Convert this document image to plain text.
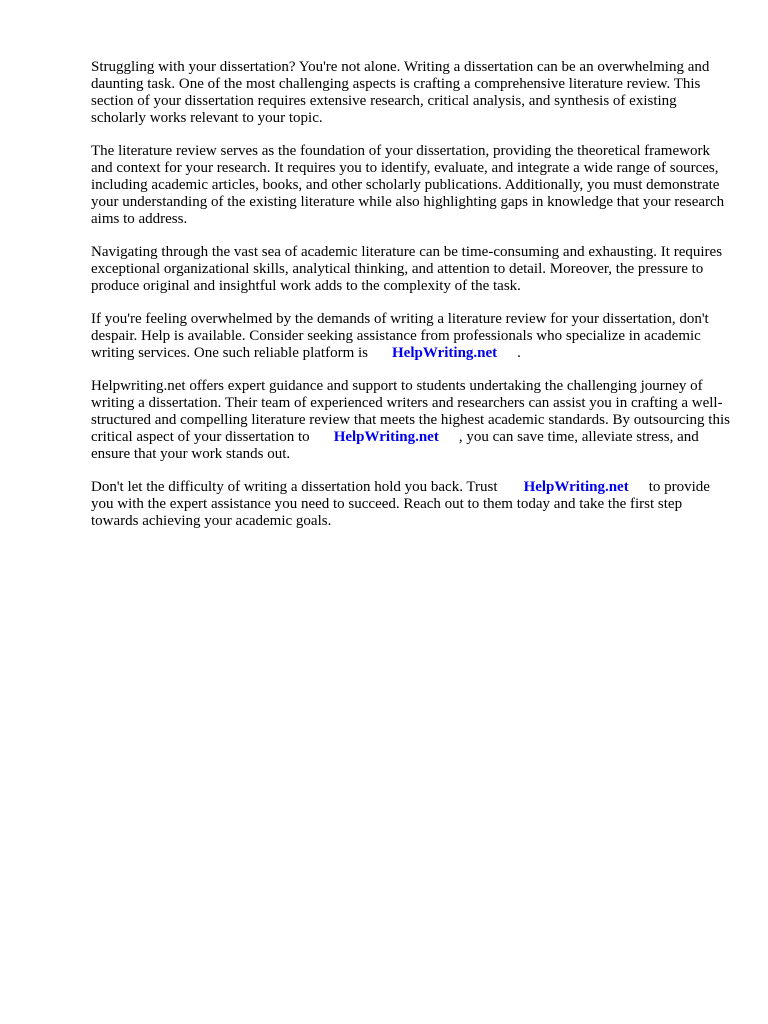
Struggling with your dissertation? You're not alone. Writing a dissertation can be an overwhelming and daunting task. One of the most challenging aspects is crafting a comprehensive literature review. This section of your dissertation requires extensive research, critical analysis, and synthesis of existing scholarly works relevant to your topic.

The literature review serves as the foundation of your dissertation, providing the theoretical framework and context for your research. It requires you to identify, evaluate, and integrate a wide range of sources, including academic articles, books, and other scholarly publications. Additionally, you must demonstrate your understanding of the existing literature while also highlighting gaps in knowledge that your research aims to address.

Navigating through the vast sea of academic literature can be time-consuming and exhausting. It requires exceptional organizational skills, analytical thinking, and attention to detail. Moreover, the pressure to produce original and insightful work adds to the complexity of the task.

If you're feeling overwhelmed by the demands of writing a literature review for your dissertation, don't despair. Help is available. Consider seeking assistance from professionals who specialize in academic writing services. One such reliable platform is HelpWriting.net .

Helpwriting.net offers expert guidance and support to students undertaking the challenging journey of writing a dissertation. Their team of experienced writers and researchers can assist you in crafting a well-structured and compelling literature review that meets the highest academic standards. By outsourcing this critical aspect of your dissertation to HelpWriting.net , you can save time, alleviate stress, and ensure that your work stands out.

Don't let the difficulty of writing a dissertation hold you back. Trust HelpWriting.net to provide you with the expert assistance you need to succeed. Reach out to them today and take the first step towards achieving your academic goals.
